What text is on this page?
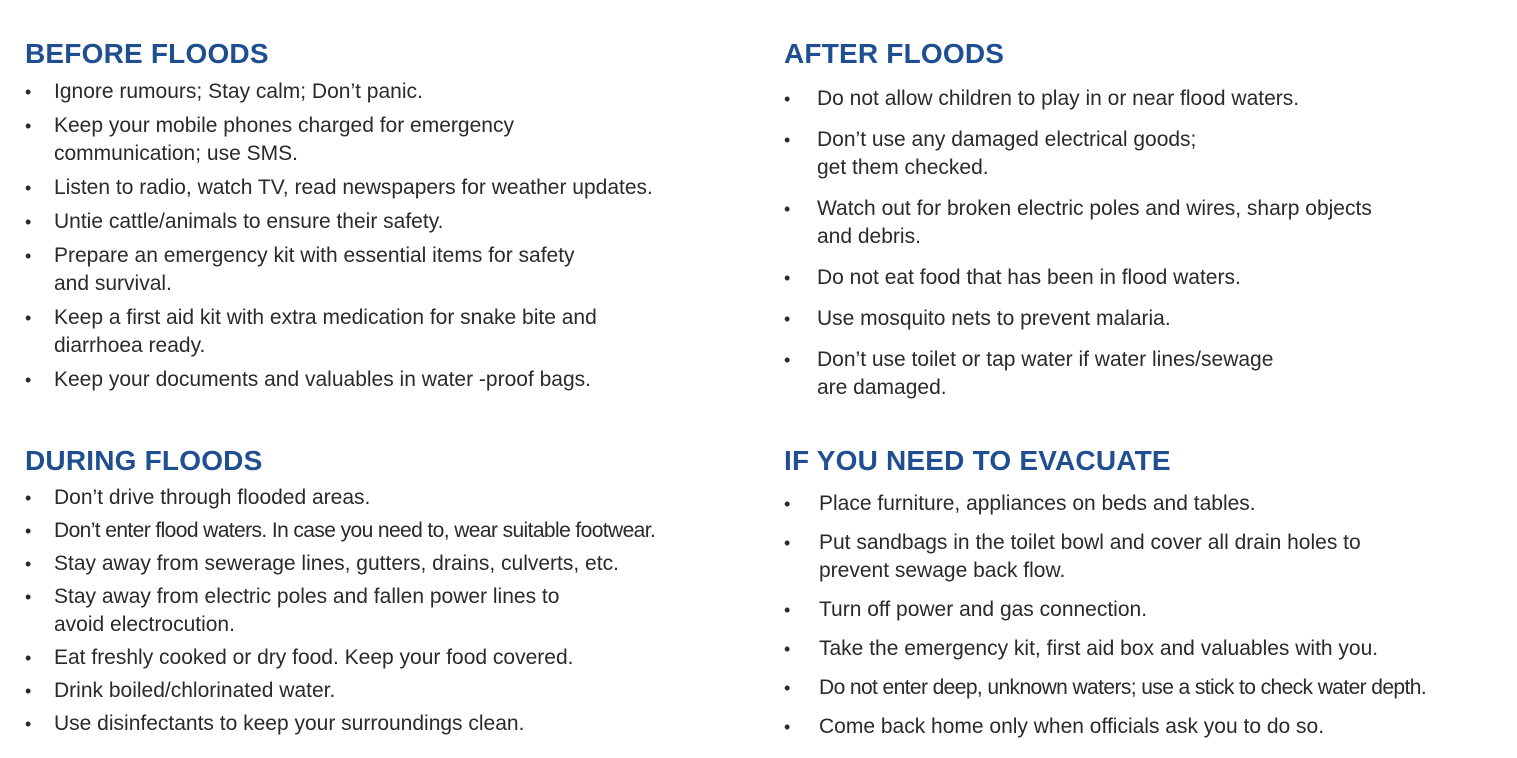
BEFORE FLOODS
• Ignore rumours; Stay calm; Don’t panic.
• Keep your mobile phones charged for emergency
communication; use SMS.
• Listen to radio, watch TV, read newspapers for weather updates.
• Untie cattle/animals to ensure their safety.
• Prepare an emergency kit with essential items for safety
and survival.
• Keep a first aid kit with extra medication for snake bite and
diarrhoea ready.
• Keep your documents and valuables in water -proof bags.
DURING FLOODS
• Don’t drive through flooded areas.
• Don’t enter flood waters. In case you need to, wear suitable footwear.
• Stay away from sewerage lines, gutters, drains, culverts, etc.
• Stay away from electric poles and fallen power lines to
avoid electrocution.
• Eat freshly cooked or dry food. Keep your food covered.
• Drink boiled/chlorinated water.
• Use disinfectants to keep your surroundings clean.
AFTER FLOODS
• Do not allow children to play in or near flood waters.
• Don’t use any damaged electrical goods;
get them checked.
• Watch out for broken electric poles and wires, sharp objects
and debris.
• Do not eat food that has been in flood waters.
• Use mosquito nets to prevent malaria.
• Don’t use toilet or tap water if water lines/sewage
are damaged.
IF YOU NEED TO EVACUATE
• Place furniture, appliances on beds and tables.
• Put sandbags in the toilet bowl and cover all drain holes to
prevent sewage back flow.
• Turn off power and gas connection.
• Take the emergency kit, first aid box and valuables with you.
• Do not enter deep, unknown waters; use a stick to check water depth.
• Come back home only when officials ask you to do so.
